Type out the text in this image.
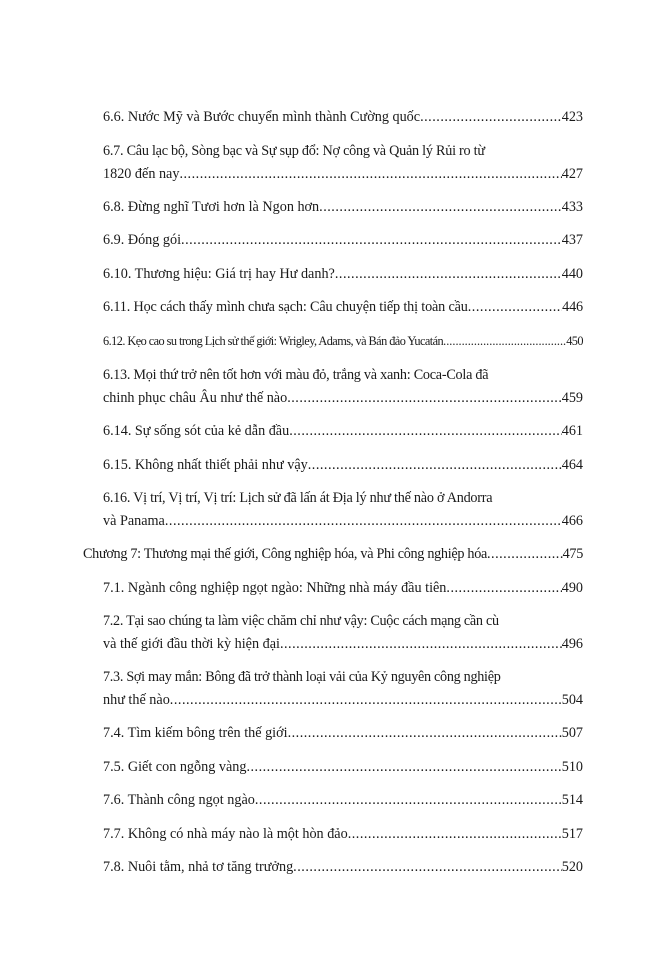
6.6. Nước Mỹ và Bước chuyển mình thành Cường quốc .....	423
6.7. Câu lạc bộ, Sòng bạc và Sự sụp đổ: Nợ công và Quản lý Rủi ro từ
1820 đến nay .....	427
6.8. Đừng nghĩ Tươi hơn là Ngon hơn .....	433
6.9. Đóng gói .....	437
6.10. Thương hiệu: Giá trị hay Hư danh? .....	440
6.11. Học cách thấy mình chưa sạch: Câu chuyện tiếp thị toàn cầu .....	446
6.12. Kẹo cao su trong Lịch sử thế giới: Wrigley, Adams, và Bán đảo Yucatán .....	450
6.13. Mọi thứ trở nên tốt hơn với màu đỏ, trắng và xanh: Coca-Cola đã
chinh phục châu Âu như thế nào .....	459
6.14. Sự sống sót của kẻ dẫn đầu .....	461
6.15. Không nhất thiết phải như vậy .....	464
6.16. Vị trí, Vị trí, Vị trí: Lịch sử đã lấn át Địa lý như thế nào ở Andorra
và Panama .....	466
Chương 7: Thương mại thế giới, Công nghiệp hóa, và Phi công nghiệp hóa .....	475
7.1. Ngành công nghiệp ngọt ngào: Những nhà máy đầu tiên .....	490
7.2. Tại sao chúng ta làm việc chăm chỉ như vậy: Cuộc cách mạng cần cù
và thế giới đầu thời kỳ hiện đại .....	496
7.3. Sợi may mắn: Bông đã trở thành loại vải của Kỷ nguyên công nghiệp
như thế nào .....	504
7.4. Tìm kiếm bông trên thế giới .....	507
7.5. Giết con ngỗng vàng .....	510
7.6. Thành công ngọt ngào .....	514
7.7. Không có nhà máy nào là một hòn đảo .....	517
7.8. Nuôi tằm, nhả tơ tăng trưởng .....	520
